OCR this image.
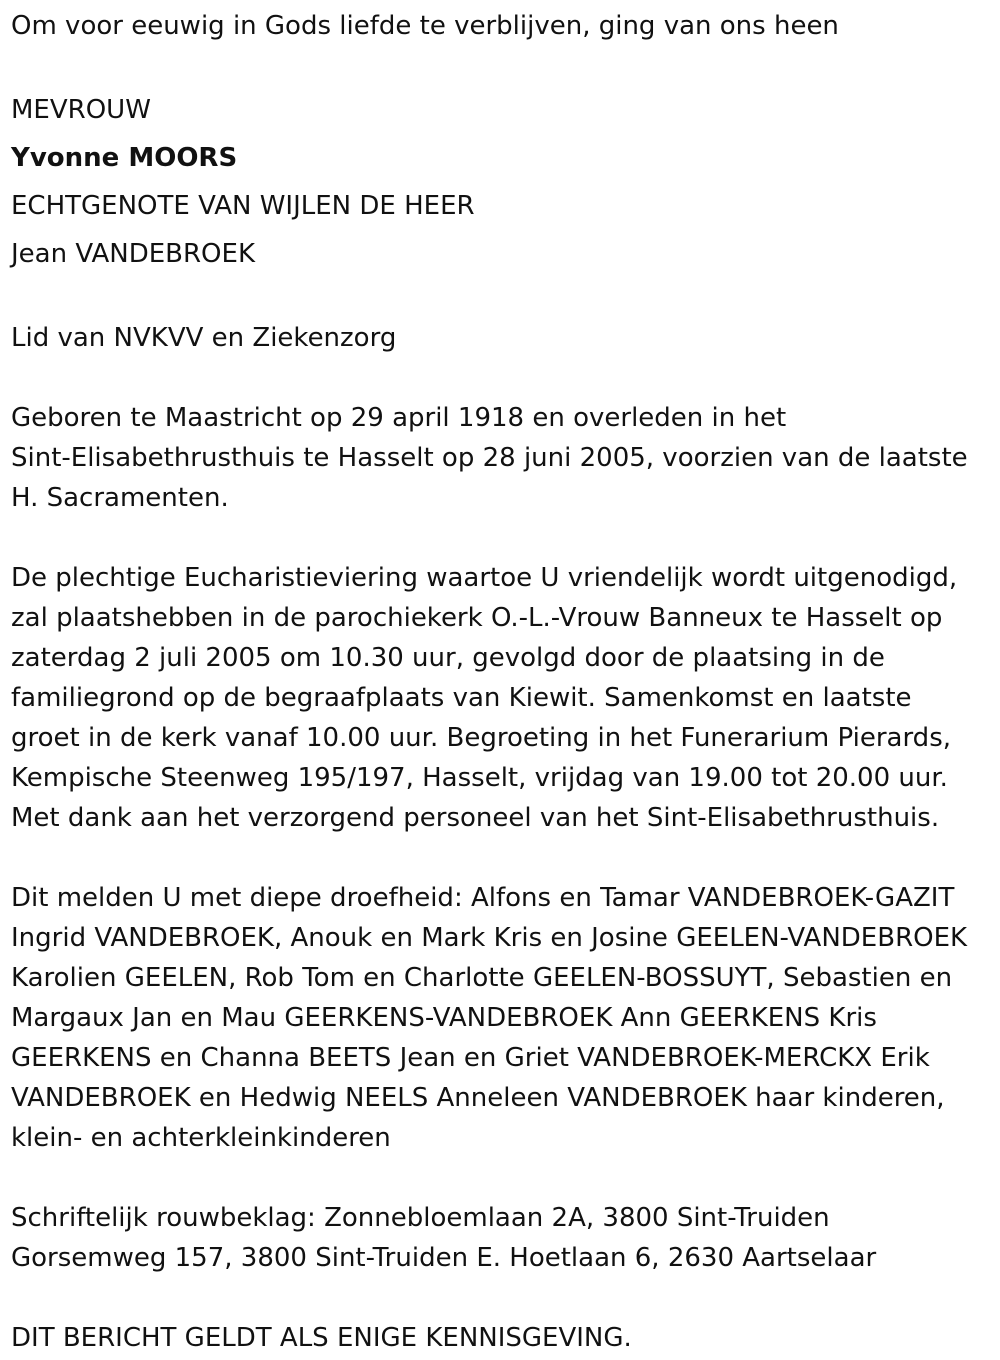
Om voor eeuwig in Gods liefde te verblijven, ging van ons heen
MEVROUW
Yvonne MOORS
ECHTGENOTE VAN WIJLEN DE HEER
Jean VANDEBROEK
Lid van NVKVV en Ziekenzorg
Geboren te Maastricht op 29 april 1918 en overleden in het
Sint-Elisabethrusthuis te Hasselt op 28 juni 2005, voorzien van de laatste
H. Sacramenten.
De plechtige Eucharistieviering waartoe U vriendelijk wordt uitgenodigd,
zal plaatshebben in de parochiekerk O.-L.-Vrouw Banneux te Hasselt op
zaterdag 2 juli 2005 om 10.30 uur, gevolgd door de plaatsing in de
familiegrond op de begraafplaats van Kiewit. Samenkomst en laatste
groet in de kerk vanaf 10.00 uur. Begroeting in het Funerarium Pierards,
Kempische Steenweg 195/197, Hasselt, vrijdag van 19.00 tot 20.00 uur.
Met dank aan het verzorgend personeel van het Sint-Elisabethrusthuis.
Dit melden U met diepe droefheid: Alfons en Tamar VANDEBROEK-GAZIT
Ingrid VANDEBROEK, Anouk en Mark Kris en Josine GEELEN-VANDEBROEK
Karolien GEELEN, Rob Tom en Charlotte GEELEN-BOSSUYT, Sebastien en
Margaux Jan en Mau GEERKENS-VANDEBROEK Ann GEERKENS Kris
GEERKENS en Channa BEETS Jean en Griet VANDEBROEK-MERCKX Erik
VANDEBROEK en Hedwig NEELS Anneleen VANDEBROEK haar kinderen,
klein- en achterkleinkinderen
Schriftelijk rouwbeklag: Zonnebloemlaan 2A, 3800 Sint-Truiden
Gorsemweg 157, 3800 Sint-Truiden E. Hoetlaan 6, 2630 Aartselaar
DIT BERICHT GELDT ALS ENIGE KENNISGEVING.
